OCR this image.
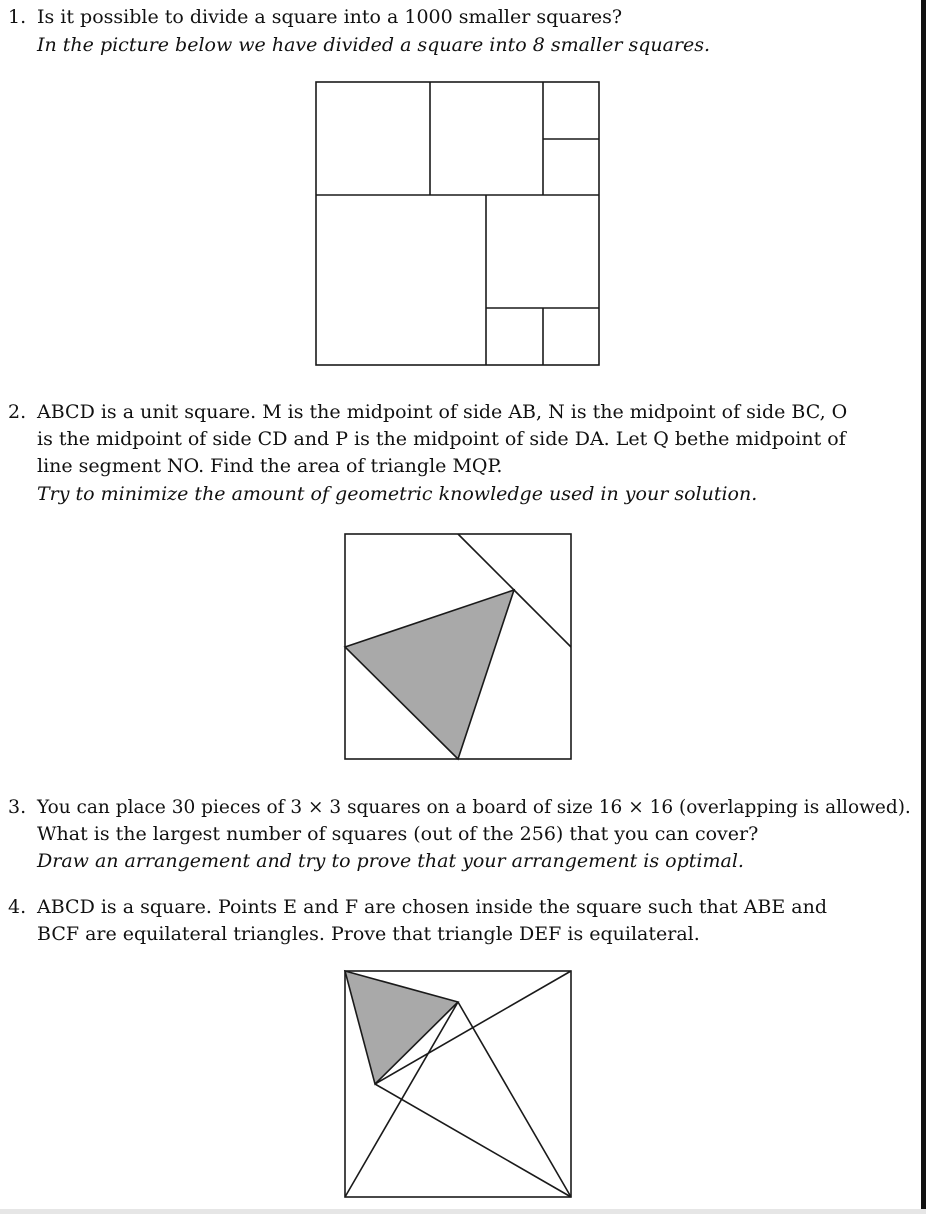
1. Is it possible to divide a square into a 1000 smaller squares?
In the picture below we have divided a square into 8 smaller squares.
2. ABCD is a unit square. M is the midpoint of side AB, N is the midpoint of side BC, O
is the midpoint of side CD and P is the midpoint of side DA. Let Q bethe midpoint of
line segment NO. Find the area of triangle MQP.
Try to minimize the amount of geometric knowledge used in your solution.
3. You can place 30 pieces of 3 × 3 squares on a board of size 16 × 16 (overlapping is allowed).
What is the largest number of squares (out of the 256) that you can cover?
Draw an arrangement and try to prove that your arrangement is optimal.
4. ABCD is a square. Points E and F are chosen inside the square such that ABE and
BCF are equilateral triangles. Prove that triangle DEF is equilateral.
